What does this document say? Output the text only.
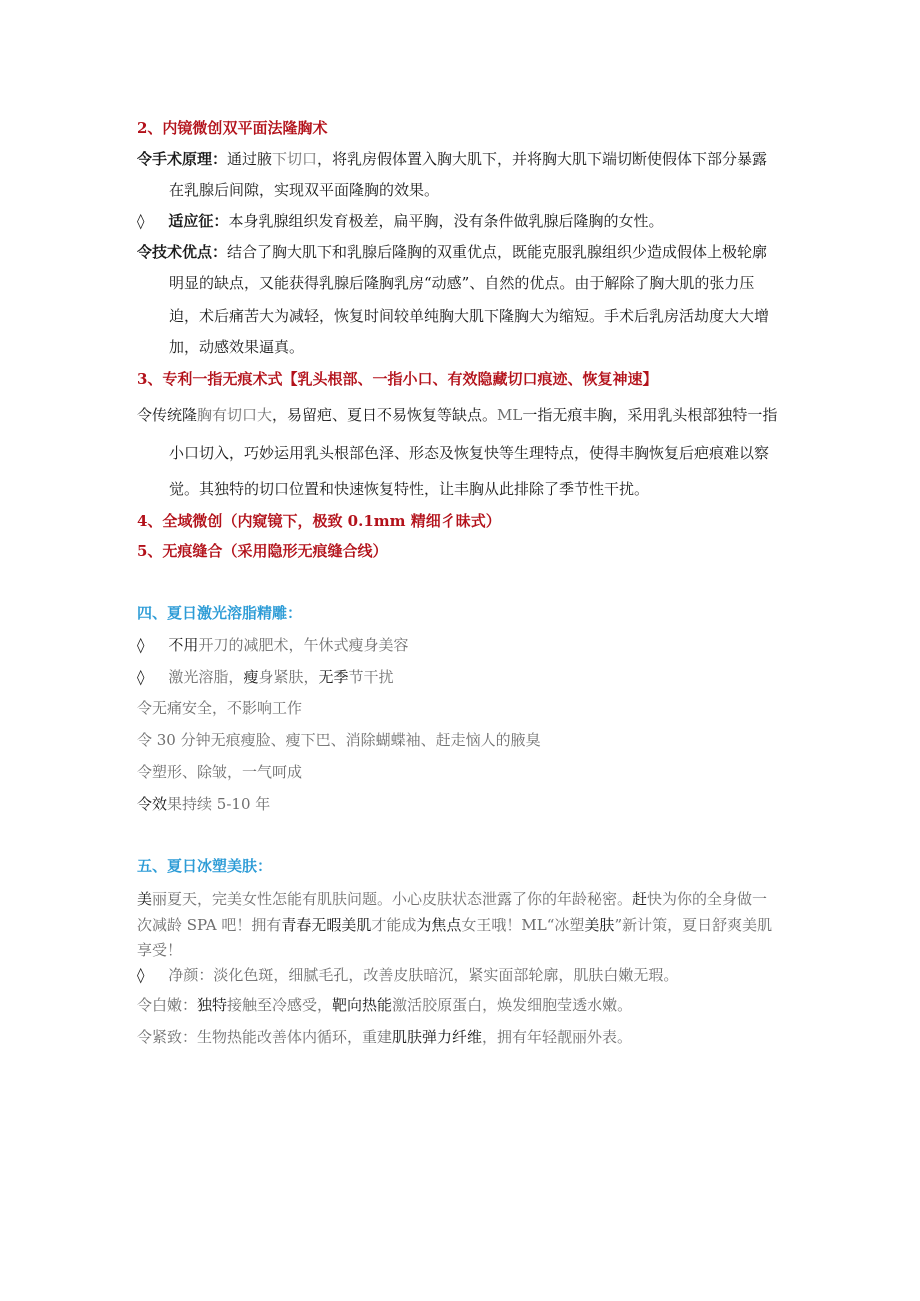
2、内镜微创双平面法隆胸术
令手术原理：通过腋下切口，将乳房假体置入胸大肌下，并将胸大肌下端切断使假体下部分暴露
在乳腺后间隙，实现双平面隆胸的效果。
◊ 适应征：本身乳腺组织发育极差，扁平胸，没有条件做乳腺后隆胸的女性。
令技术优点：结合了胸大肌下和乳腺后隆胸的双重优点，既能克服乳腺组织少造成假体上极轮廓
明显的缺点，又能获得乳腺后隆胸乳房“动感”、自然的优点。由于解除了胸大肌的张力压
迫，术后痛苦大为减轻，恢复时间较单纯胸大肌下隆胸大为缩短。手术后乳房活劫度大大增
加，动感效果逼真。
3、专利一指无痕术式【乳头根部、一指小口、有效隐藏切口痕迹、恢复神速】
令传统隆胸有切口大，易留疤、夏日不易恢复等缺点。ML一指无痕丰胸，采用乳头根部独特一指
小口切入，巧妙运用乳头根部色泽、形态及恢复快等生理特点，使得丰胸恢复后疤痕难以察
觉。其独特的切口位置和快速恢复特性，让丰胸从此排除了季节性干扰。
4、全域微创（内窥镜下，极致 0.1mm 精细彳昧式）
5、无痕缝合（采用隐形无痕缝合线）
四、夏日激光溶脂精雕：
◊ 不用开刀的减肥术，午休式瘦身美容
◊ 激光溶脂，瘦身紧肤，无季节干扰
令无痛安全，不影响工作
令 30 分钟无痕瘦脸、瘦下巴、消除蝴蝶袖、赶走恼人的腋臭
令塑形、除皱，一气呵成
令效果持续 5-10 年
五、夏日冰塑美肤：
美丽夏天，完美女性怎能有肌肤问题。小心皮肤状态泄露了你的年龄秘密。赶快为你的全身做一
次减龄 SPA 吧！拥有青春无暇美肌才能成为焦点女王哦！ML“冰塑美肤”新计策，夏日舒爽美肌
享受！
◊ 净颜：淡化色斑，细腻毛孔，改善皮肤暗沉，紧实面部轮廓，肌肤白嫩无瑕。
令白嫩：独特接触至冷感受，靶向热能激活胶原蛋白，焕发细胞莹透水嫩。
令紧致：生物热能改善体内循环，重建肌肤弹力纤维，拥有年轻靓丽外表。
